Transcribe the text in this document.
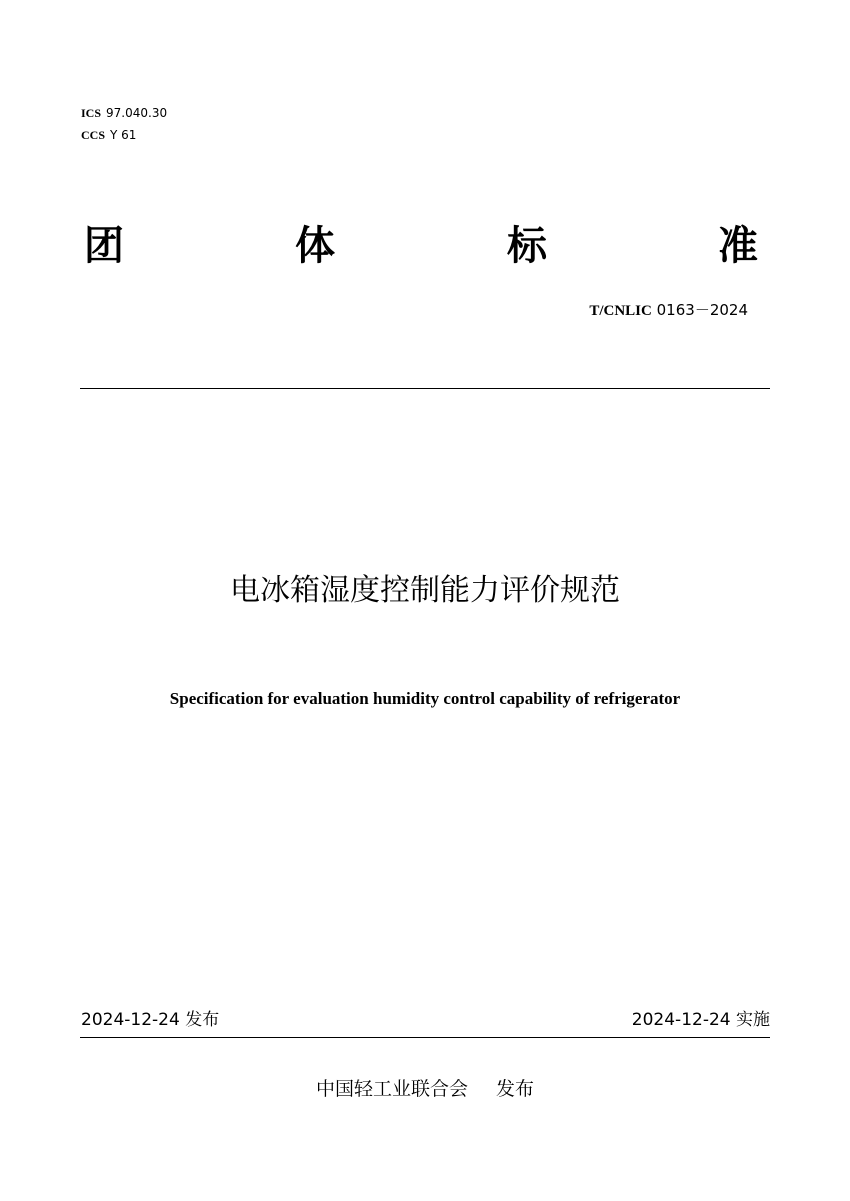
ICS 97.040.30
CCS Y 61
团	体	标	准
T/CNLIC 0163－2024
电冰箱湿度控制能力评价规范
Specification for evaluation humidity control capability of refrigerator
2024-12-24 发布	2024-12-24 实施
中国轻工业联合会 发布
